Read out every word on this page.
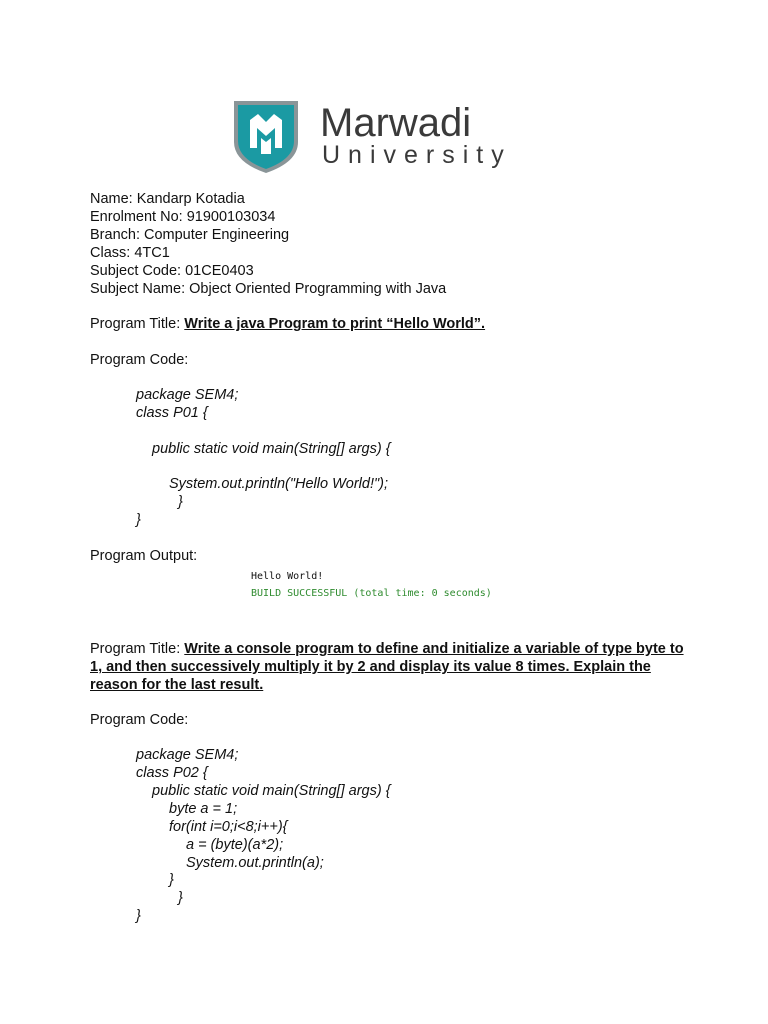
Marwadi
University
Name: Kandarp Kotadia
Enrolment No: 91900103034
Branch: Computer Engineering
Class: 4TC1
Subject Code: 01CE0403
Subject Name: Object Oriented Programming with Java
Program Title: Write a java Program to print “Hello World”.
Program Code:
package SEM4;
class P01 {
public static void main(String[] args) {
System.out.println("Hello World!");
}
}
Program Output:
Hello World!
BUILD SUCCESSFUL (total time: 0 seconds)
Program Title: Write a console program to define and initialize a variable of type byte to 1, and then successively multiply it by 2 and display its value 8 times. Explain the reason for the last result.
Program Code:
package SEM4;
class P02 {
public static void main(String[] args) {
byte a = 1;
for(int i=0;i<8;i++){
a = (byte)(a*2);
System.out.println(a);
}
}
}
